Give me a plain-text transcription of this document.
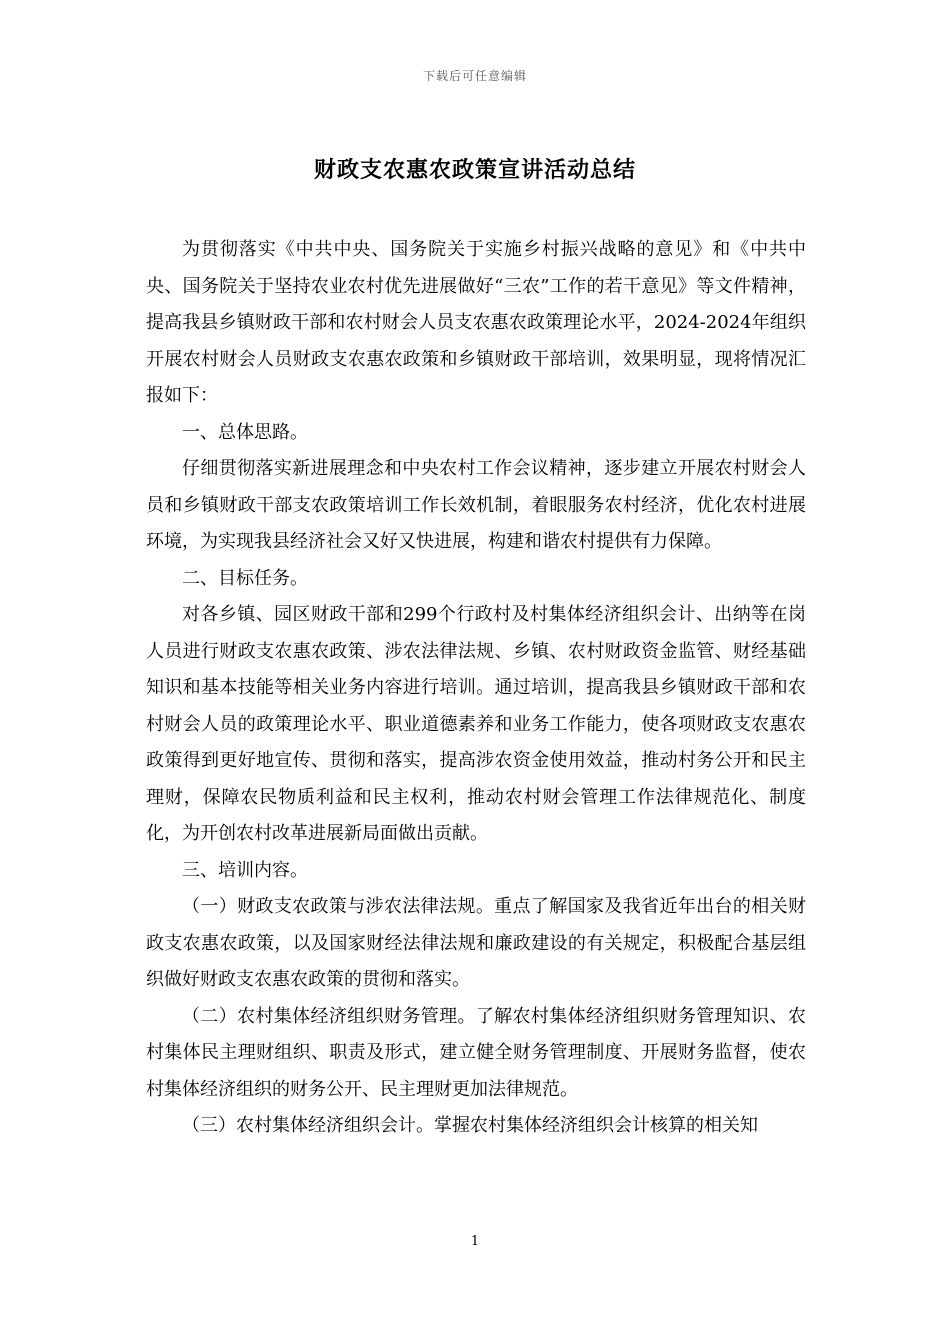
下载后可任意编辑
财政支农惠农政策宣讲活动总结

为贯彻落实《中共中央、国务院关于实施乡村振兴战略的意见》和《中共中央、国务院关于坚持农业农村优先进展做好“三农”工作的若干意见》等文件精神，提高我县乡镇财政干部和农村财会人员支农惠农政策理论水平，2024-2024年组织开展农村财会人员财政支农惠农政策和乡镇财政干部培训，效果明显，现将情况汇报如下：

一、总体思路。

仔细贯彻落实新进展理念和中央农村工作会议精神，逐步建立开展农村财会人员和乡镇财政干部支农政策培训工作长效机制，着眼服务农村经济，优化农村进展环境，为实现我县经济社会又好又快进展，构建和谐农村提供有力保障。

二、目标任务。

对各乡镇、园区财政干部和299个行政村及村集体经济组织会计、出纳等在岗人员进行财政支农惠农政策、涉农法律法规、乡镇、农村财政资金监管、财经基础知识和基本技能等相关业务内容进行培训。通过培训，提高我县乡镇财政干部和农村财会人员的政策理论水平、职业道德素养和业务工作能力，使各项财政支农惠农政策得到更好地宣传、贯彻和落实，提高涉农资金使用效益，推动村务公开和民主理财，保障农民物质利益和民主权利，推动农村财会管理工作法律规范化、制度化，为开创农村改革进展新局面做出贡献。

三、培训内容。

（一）财政支农政策与涉农法律法规。重点了解国家及我省近年出台的相关财政支农惠农政策，以及国家财经法律法规和廉政建设的有关规定，积极配合基层组织做好财政支农惠农政策的贯彻和落实。

（二）农村集体经济组织财务管理。了解农村集体经济组织财务管理知识、农村集体民主理财组织、职责及形式，建立健全财务管理制度、开展财务监督，使农村集体经济组织的财务公开、民主理财更加法律规范。

（三）农村集体经济组织会计。掌握农村集体经济组织会计核算的相关知

1
